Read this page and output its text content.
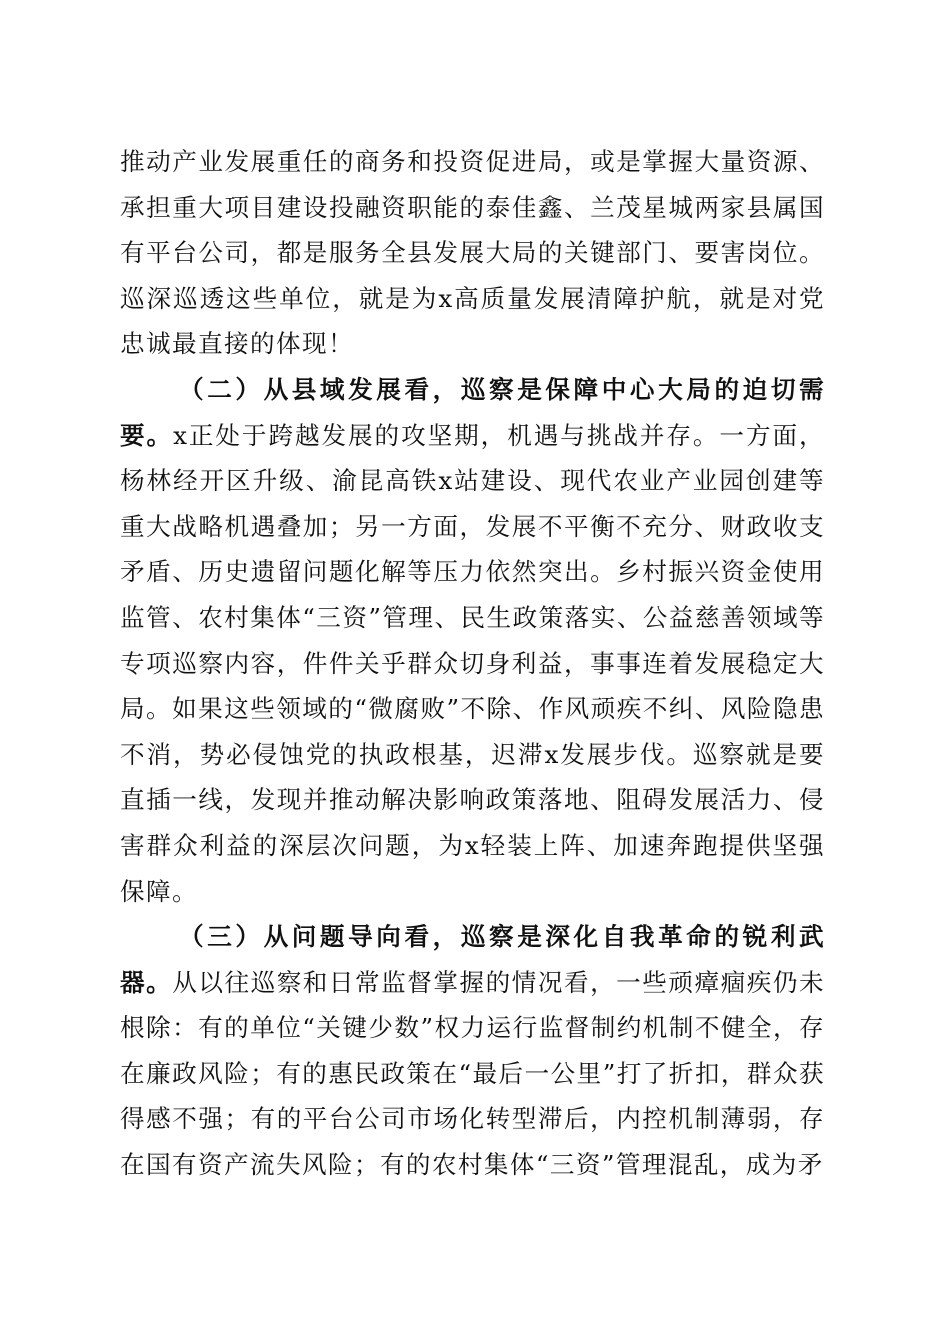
推动产业发展重任的商务和投资促进局，或是掌握大量资源、承担重大项目建设投融资职能的泰佳鑫、兰茂星城两家县属国有平台公司，都是服务全县发展大局的关键部门、要害岗位。巡深巡透这些单位，就是为x高质量发展清障护航，就是对党忠诚最直接的体现！

（二）从县域发展看，巡察是保障中心大局的迫切需要。x正处于跨越发展的攻坚期，机遇与挑战并存。一方面，杨林经开区升级、渝昆高铁x站建设、现代农业产业园创建等重大战略机遇叠加；另一方面，发展不平衡不充分、财政收支矛盾、历史遗留问题化解等压力依然突出。乡村振兴资金使用监管、农村集体“三资”管理、民生政策落实、公益慈善领域等专项巡察内容，件件关乎群众切身利益，事事连着发展稳定大局。如果这些领域的“微腐败”不除、作风顽疾不纠、风险隐患不消，势必侵蚀党的执政根基，迟滞x发展步伐。巡察就是要直插一线，发现并推动解决影响政策落地、阻碍发展活力、侵害群众利益的深层次问题，为x轻装上阵、加速奔跑提供坚强保障。

（三）从问题导向看，巡察是深化自我革命的锐利武器。从以往巡察和日常监督掌握的情况看，一些顽瘴痼疾仍未根除：有的单位“关键少数”权力运行监督制约机制不健全，存在廉政风险；有的惠民政策在“最后一公里”打了折扣，群众获得感不强；有的平台公司市场化转型滞后，内控机制薄弱，存在国有资产流失风险；有的农村集体“三资”管理混乱，成为矛
